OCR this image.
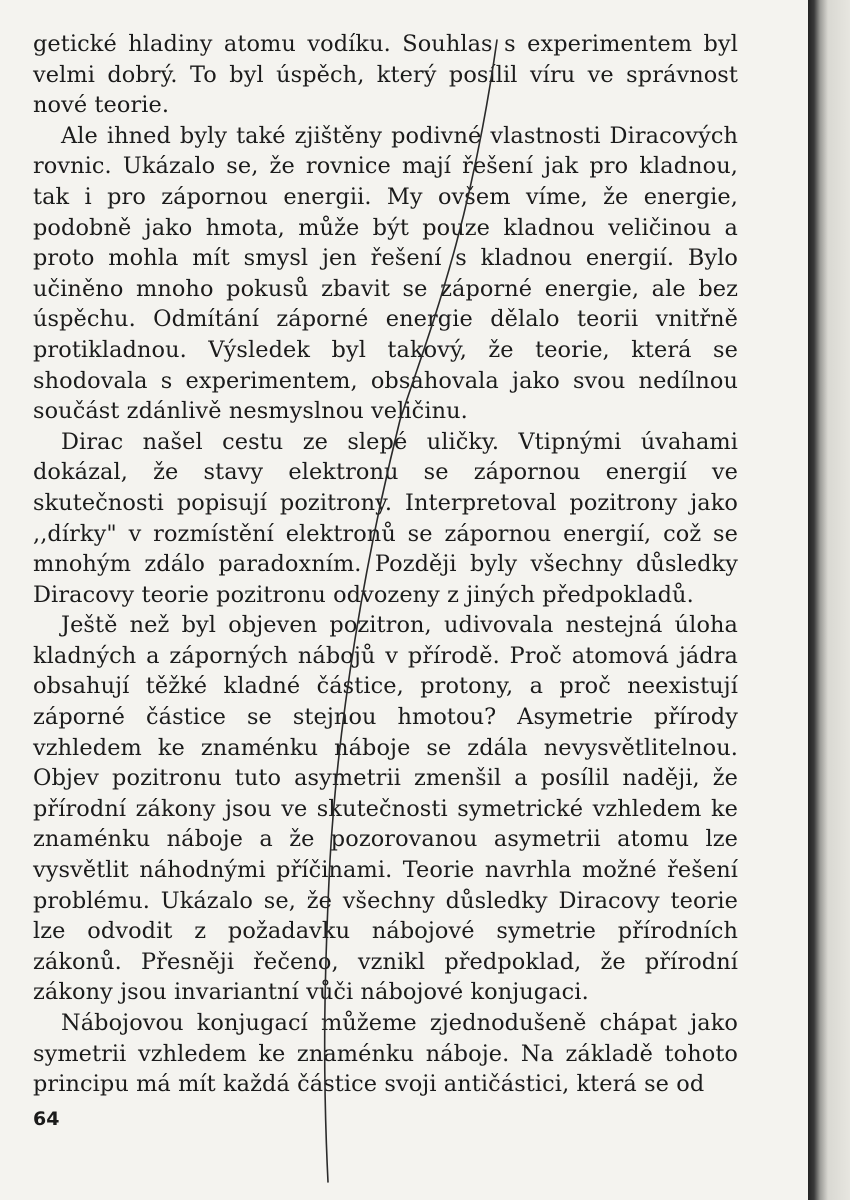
getické hladiny atomu vodíku. Souhlas s experimentem byl velmi dobrý. To byl úspěch, který posílil víru ve správnost nové teorie.

Ale ihned byly také zjištěny podivné vlastnosti Diracových rovnic. Ukázalo se, že rovnice mají řešení jak pro kladnou, tak i pro zápornou energii. My ovšem víme, že energie, podobně jako hmota, může být pouze kladnou veličinou a proto mohla mít smysl jen řešení s kladnou energií. Bylo učiněno mnoho pokusů zbavit se záporné energie, ale bez úspěchu. Odmítání záporné energie dělalo teorii vnitřně protikladnou. Výsledek byl takový, že teorie, která se shodovala s experimentem, obsahovala jako svou nedílnou součást zdánlivě nesmyslnou veličinu.

Dirac našel cestu ze slepé uličky. Vtipnými úvahami dokázal, že stavy elektronu se zápornou energií ve skutečnosti popisují pozitrony. Interpretoval pozitrony jako ,,dírky" v rozmístění elektronů se zápornou energií, což se mnohým zdálo paradoxním. Později byly všechny důsledky Diracovy teorie pozitronu odvozeny z jiných předpokladů.

Ještě než byl objeven pozitron, udivovala nestejná úloha kladných a záporných nábojů v přírodě. Proč atomová jádra obsahují těžké kladné částice, protony, a proč neexistují záporné částice se stejnou hmotou? Asymetrie přírody vzhledem ke znaménku náboje se zdála nevysvětlitelnou. Objev pozitronu tuto asymetrii zmenšil a posílil naději, že přírodní zákony jsou ve skutečnosti symetrické vzhledem ke znaménku náboje a že pozorovanou asymetrii atomu lze vysvětlit náhodnými příčinami. Teorie navrhla možné řešení problému. Ukázalo se, že všechny důsledky Diracovy teorie lze odvodit z požadavku nábojové symetrie přírodních zákonů. Přesněji řečeno, vznikl předpoklad, že přírodní zákony jsou invariantní vůči nábojové konjugaci.

Nábojovou konjugací můžeme zjednodušeně chápat jako symetrii vzhledem ke znaménku náboje. Na základě tohoto principu má mít každá částice svoji antičástici, která se od

64
